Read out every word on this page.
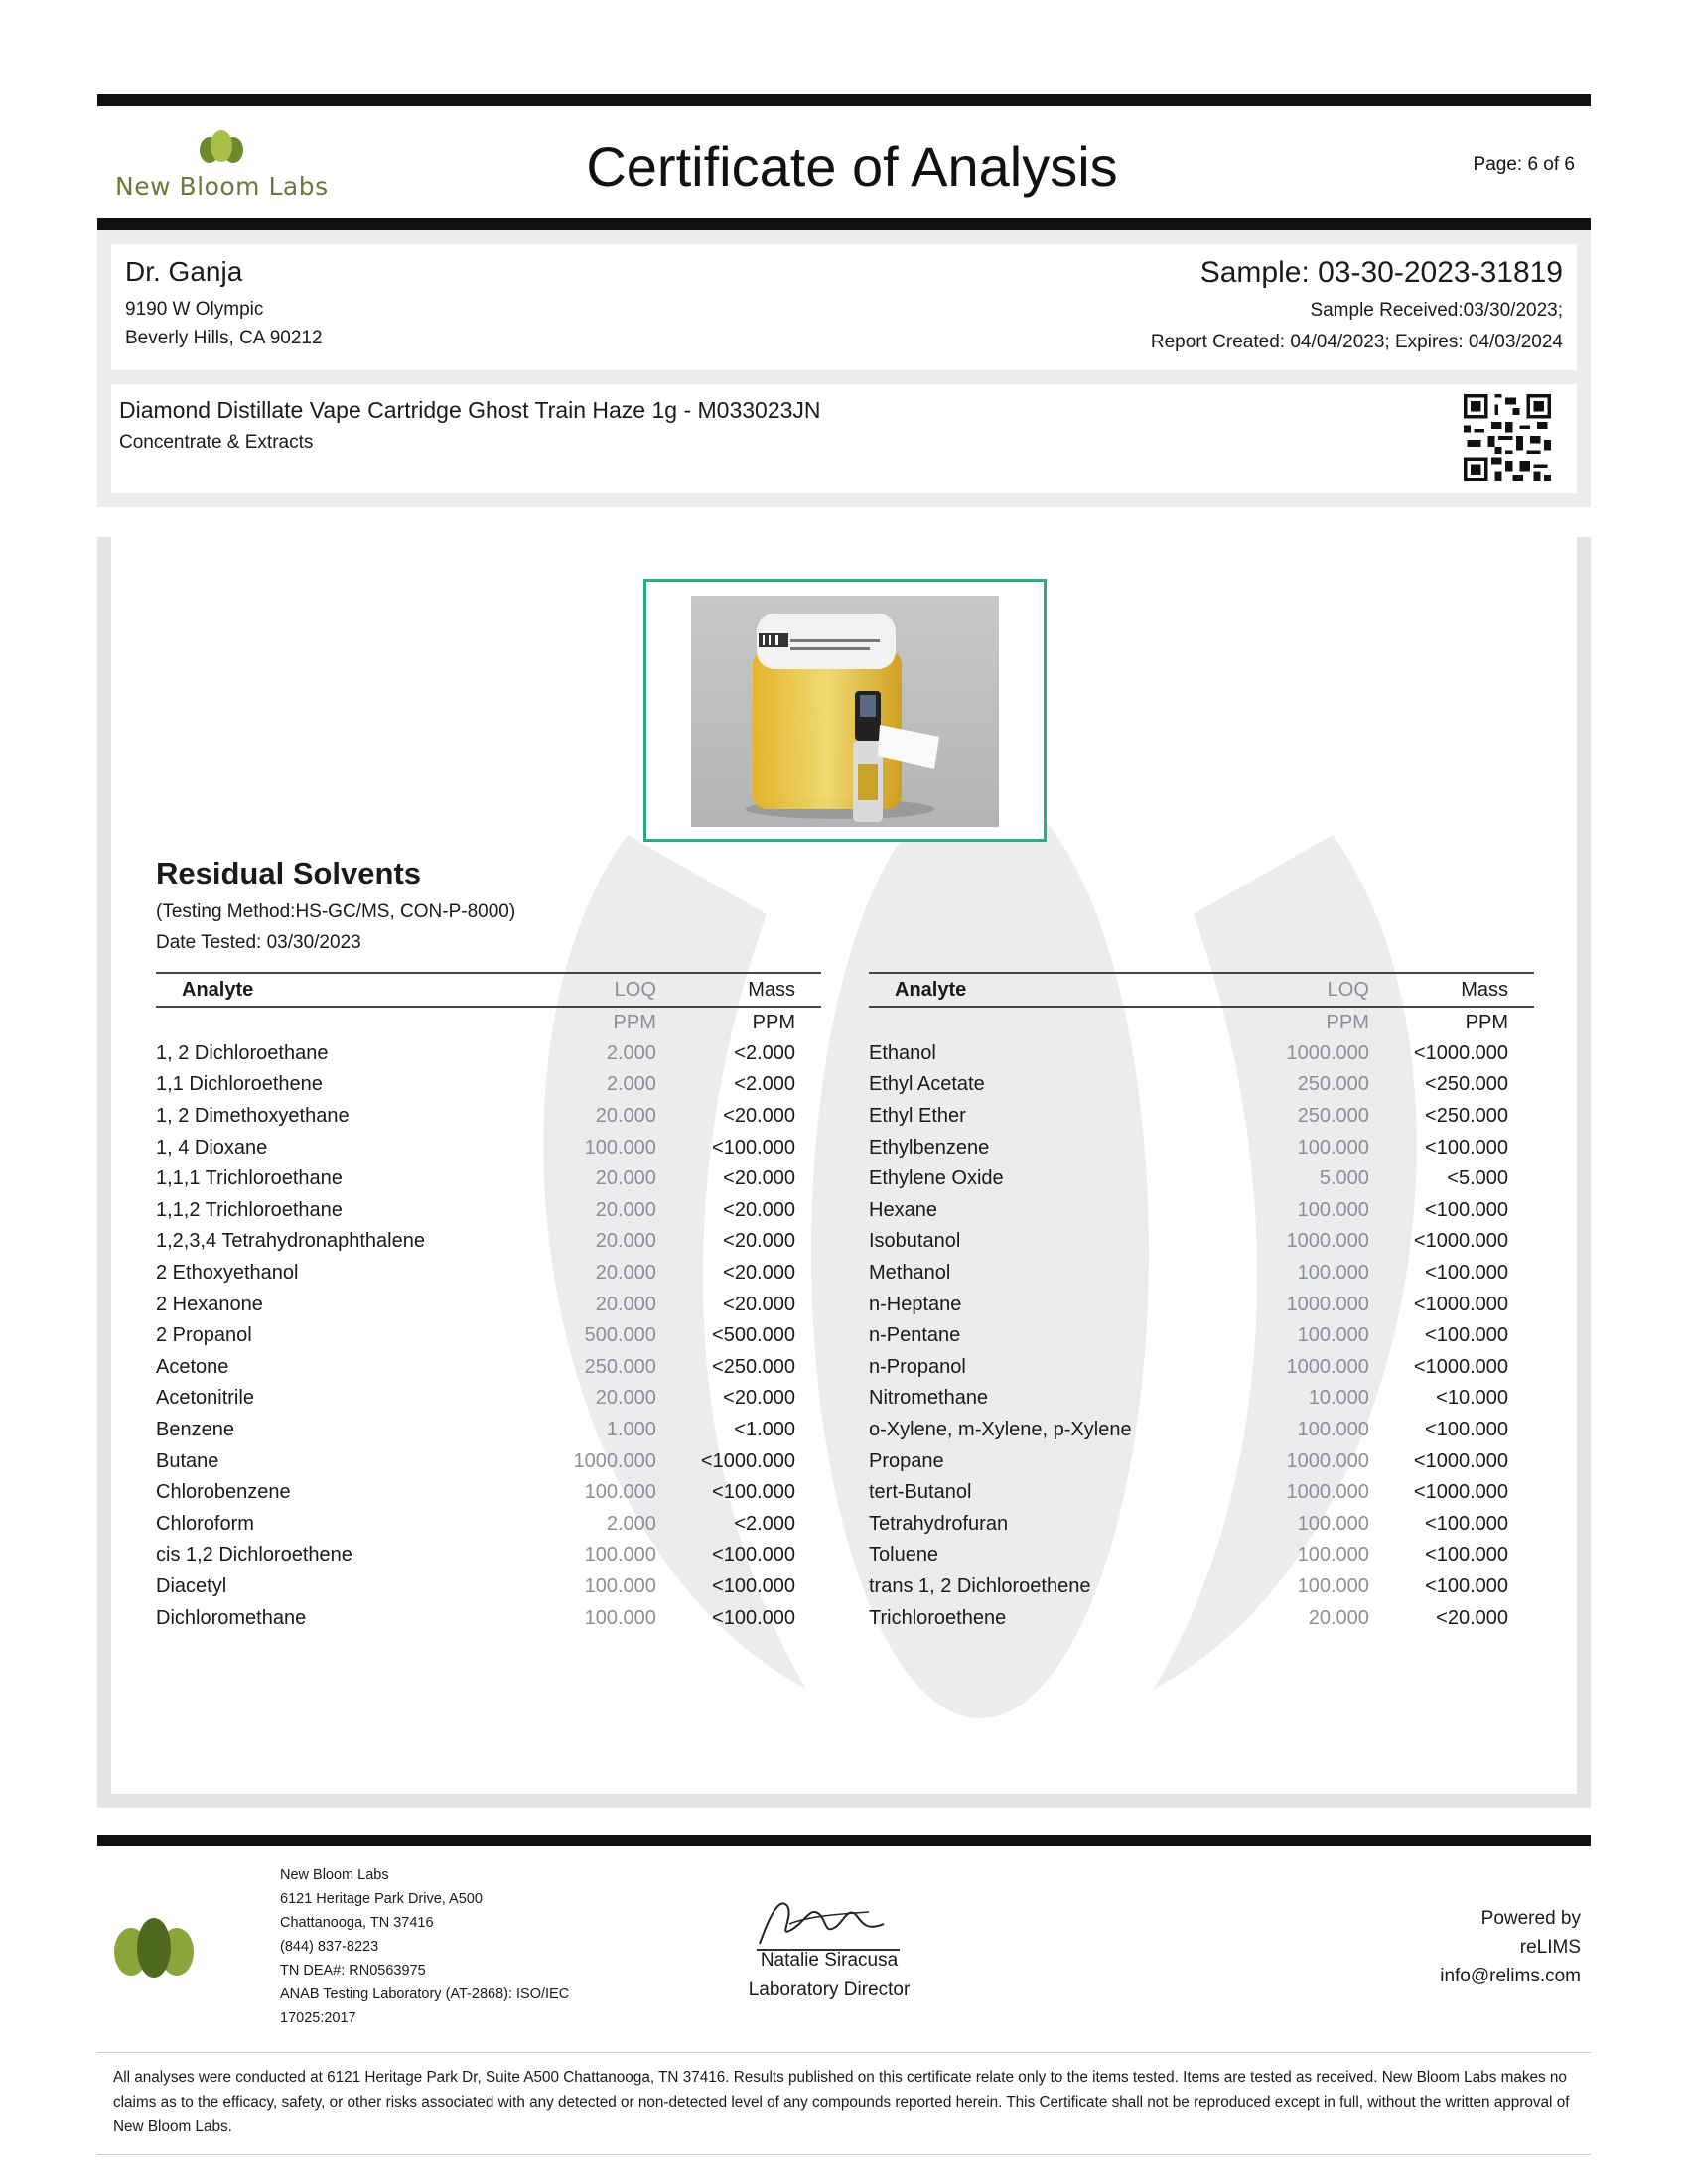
New Bloom Labs	Certificate of Analysis	Page: 6 of 6
Dr. Ganja
9190 W Olympic
Beverly Hills, CA 90212
Sample: 03-30-2023-31819
Sample Received:03/30/2023;
Report Created: 04/04/2023; Expires: 04/03/2024
Diamond Distillate Vape Cartridge Ghost Train Haze 1g - M033023JN
Concentrate & Extracts
Residual Solvents
(Testing Method:HS-GC/MS, CON-P-8000)
Date Tested: 03/30/2023
Analyte	LOQ	Mass
	PPM	PPM
1, 2 Dichloroethane	2.000	<2.000
1,1 Dichloroethene	2.000	<2.000
1, 2 Dimethoxyethane	20.000	<20.000
1, 4 Dioxane	100.000	<100.000
1,1,1 Trichloroethane	20.000	<20.000
1,1,2 Trichloroethane	20.000	<20.000
1,2,3,4 Tetrahydronaphthalene	20.000	<20.000
2 Ethoxyethanol	20.000	<20.000
2 Hexanone	20.000	<20.000
2 Propanol	500.000	<500.000
Acetone	250.000	<250.000
Acetonitrile	20.000	<20.000
Benzene	1.000	<1.000
Butane	1000.000	<1000.000
Chlorobenzene	100.000	<100.000
Chloroform	2.000	<2.000
cis 1,2 Dichloroethene	100.000	<100.000
Diacetyl	100.000	<100.000
Dichloromethane	100.000	<100.000
Analyte	LOQ	Mass
	PPM	PPM
Ethanol	1000.000	<1000.000
Ethyl Acetate	250.000	<250.000
Ethyl Ether	250.000	<250.000
Ethylbenzene	100.000	<100.000
Ethylene Oxide	5.000	<5.000
Hexane	100.000	<100.000
Isobutanol	1000.000	<1000.000
Methanol	100.000	<100.000
n-Heptane	1000.000	<1000.000
n-Pentane	100.000	<100.000
n-Propanol	1000.000	<1000.000
Nitromethane	10.000	<10.000
o-Xylene, m-Xylene, p-Xylene	100.000	<100.000
Propane	1000.000	<1000.000
tert-Butanol	1000.000	<1000.000
Tetrahydrofuran	100.000	<100.000
Toluene	100.000	<100.000
trans 1, 2 Dichloroethene	100.000	<100.000
Trichloroethene	20.000	<20.000
New Bloom Labs
6121 Heritage Park Drive, A500
Chattanooga, TN 37416
(844) 837-8223
TN DEA#: RN0563975
ANAB Testing Laboratory (AT-2868): ISO/IEC
17025:2017
Natalie Siracusa
Laboratory Director
Powered by
reLIMS
info@relims.com
All analyses were conducted at 6121 Heritage Park Dr, Suite A500 Chattanooga, TN 37416. Results published on this certificate relate only to the items tested. Items are tested as received. New Bloom Labs makes no claims as to the efficacy, safety, or other risks associated with any detected or non-detected level of any compounds reported herein. This Certificate shall not be reproduced except in full, without the written approval of New Bloom Labs.
